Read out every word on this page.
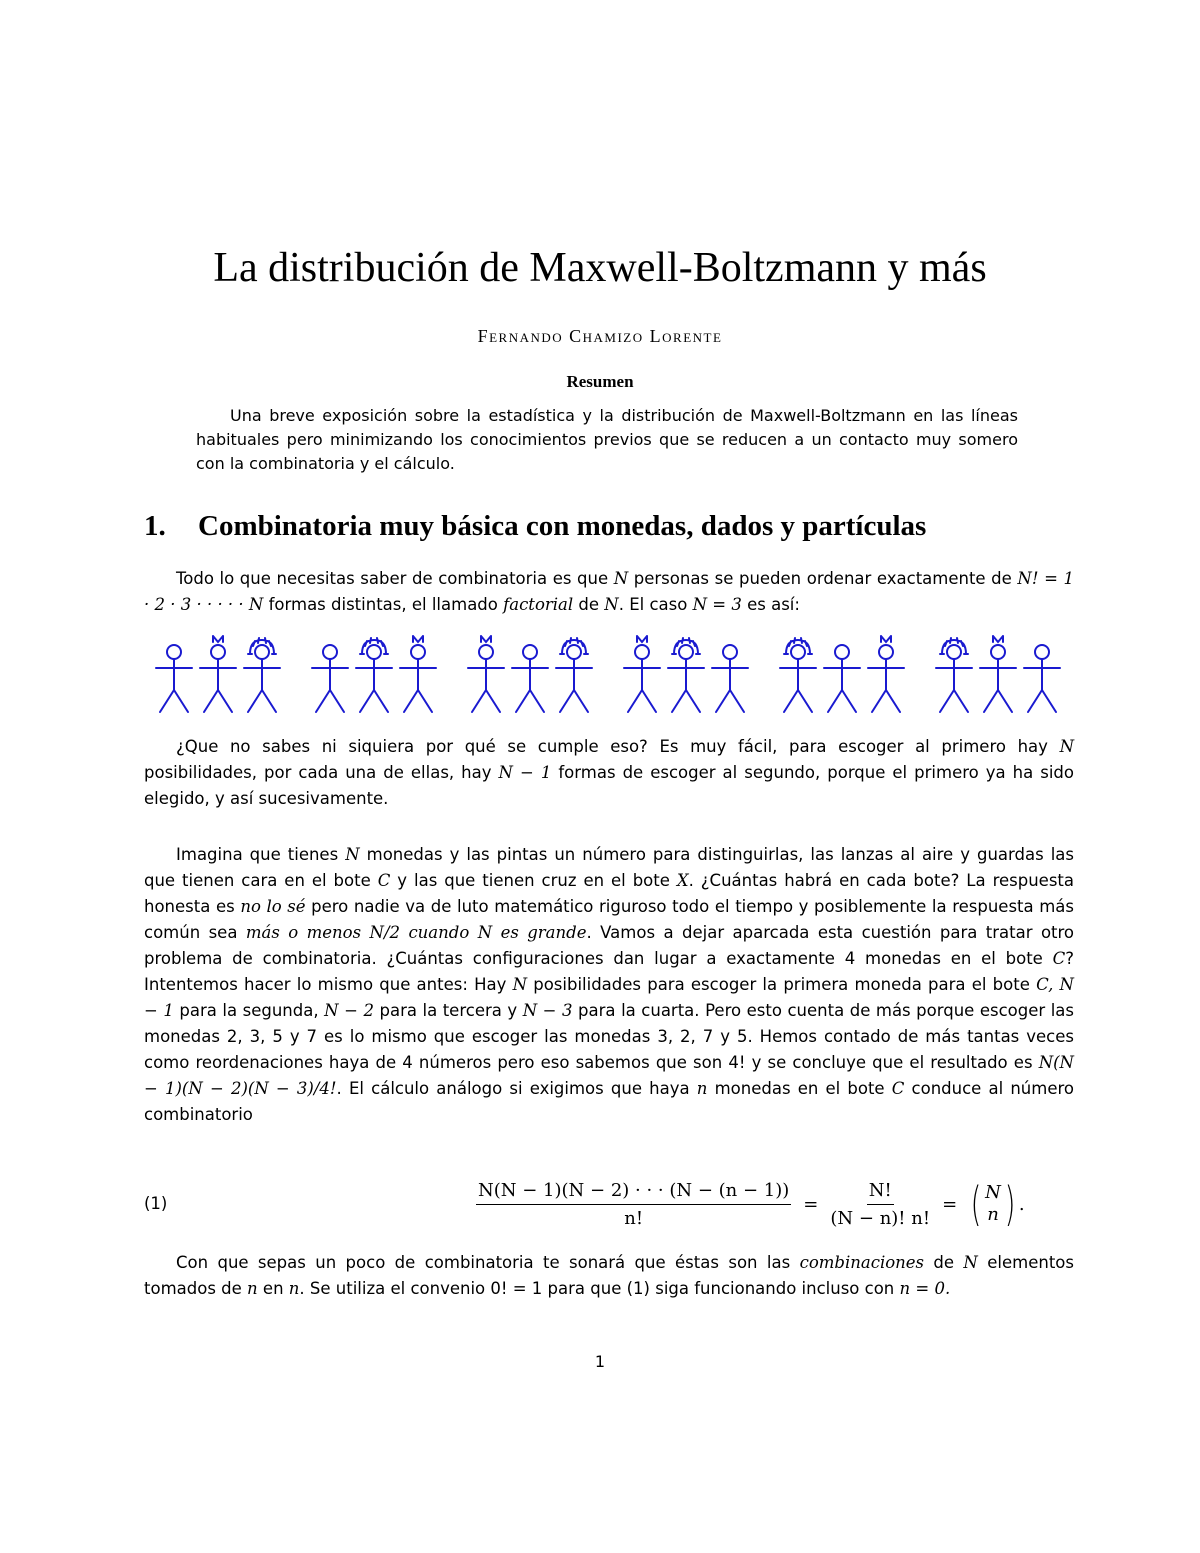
La distribución de Maxwell-Boltzmann y más
Fernando Chamizo Lorente
Resumen

Una breve exposición sobre la estadística y la distribución de Maxwell-Boltzmann en las líneas habituales pero minimizando los conocimientos previos que se reducen a un contacto muy somero con la combinatoria y el cálculo.

1. Combinatoria muy básica con monedas, dados y partículas

Todo lo que necesitas saber de combinatoria es que N personas se pueden ordenar exactamente de N! = 1 · 2 · 3 · · · · · N formas distintas, el llamado factorial de N. El caso N = 3 es así:

¿Que no sabes ni siquiera por qué se cumple eso? Es muy fácil, para escoger al primero hay N posibilidades, por cada una de ellas, hay N − 1 formas de escoger al segundo, porque el primero ya ha sido elegido, y así sucesivamente.

Imagina que tienes N monedas y las pintas un número para distinguirlas, las lanzas al aire y guardas las que tienen cara en el bote C y las que tienen cruz en el bote X. ¿Cuántas habrá en cada bote? La respuesta honesta es no lo sé pero nadie va de luto matemático riguroso todo el tiempo y posiblemente la respuesta más común sea más o menos N/2 cuando N es grande. Vamos a dejar aparcada esta cuestión para tratar otro problema de combinatoria. ¿Cuántas configuraciones dan lugar a exactamente 4 monedas en el bote C? Intentemos hacer lo mismo que antes: Hay N posibilidades para escoger la primera moneda para el bote C, N − 1 para la segunda, N − 2 para la tercera y N − 3 para la cuarta. Pero esto cuenta de más porque escoger las monedas 2, 3, 5 y 7 es lo mismo que escoger las monedas 3, 2, 7 y 5. Hemos contado de más tantas veces como reordenaciones haya de 4 números pero eso sabemos que son 4! y se concluye que el resultado es N(N − 1)(N − 2)(N − 3)/4!. El cálculo análogo si exigimos que haya n monedas en el bote C conduce al número combinatorio

(1)	$\frac{N(N - 1)(N - 2) \cdot \cdot \cdot (N - (n - 1))}{n!} = \frac{N!}{(N - n)! n!}$ = ( N
n ) .

Con que sepas un poco de combinatoria te sonará que éstas son las combinaciones de N elementos tomados de n en n. Se utiliza el convenio 0! = 1 para que (1) siga funcionando incluso con n = 0.

1
